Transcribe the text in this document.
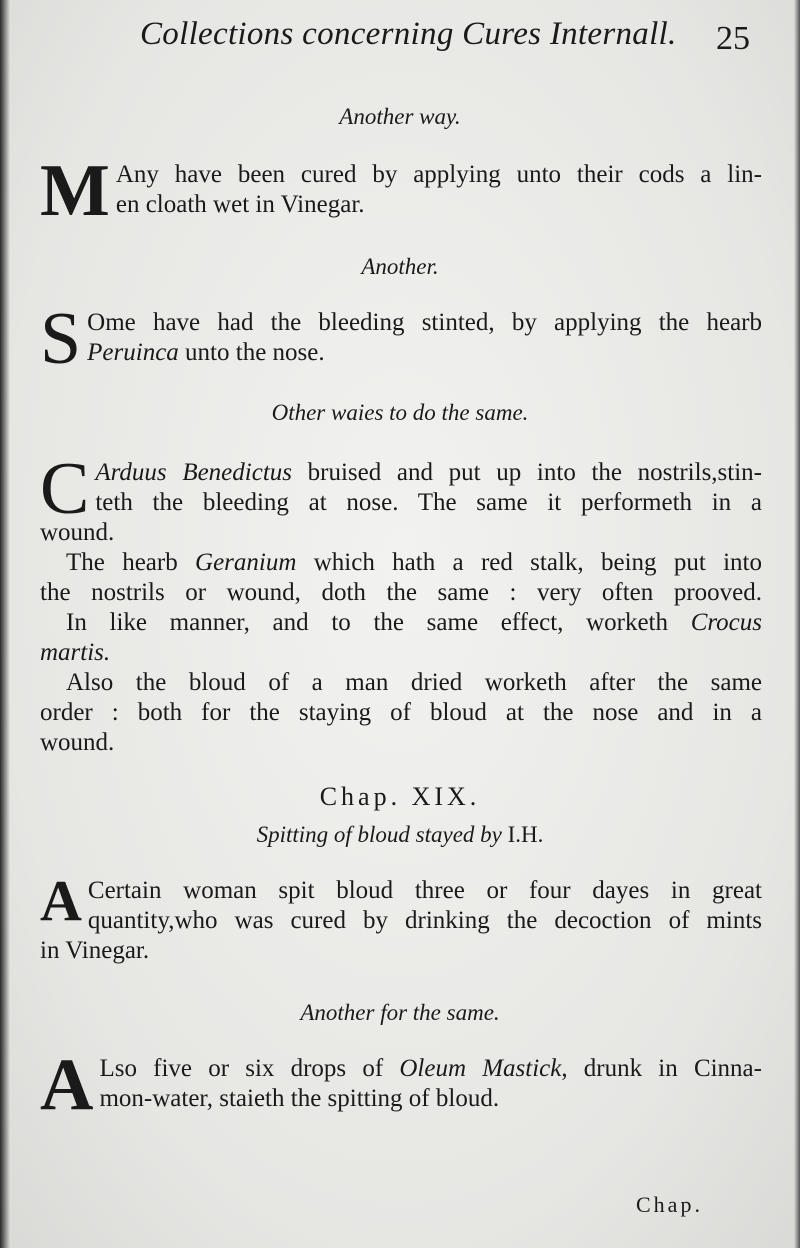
Collections concerning Cures Internall. 25
Another way.
M Any have been cured by applying unto their cods a lin-
en cloath wet in Vinegar.
Another.
S Ome have had the bleeding stinted, by applying the hearb
Peruinca unto the nose.
Other waies to do the same.
C Arduus Benedictus bruised and put up into the nostrils,stin-
teth the bleeding at nose. The same it performeth in a
wound.
The hearb Geranium which hath a red stalk, being put into
the nostrils or wound, doth the same : very often prooved.
In like manner, and to the same effect, worketh Crocus
martis.
Also the bloud of a man dried worketh after the same
order : both for the staying of bloud at the nose and in a
wound.
Chap. XIX.
Spitting of bloud stayed by I.H.
A Certain woman spit bloud three or four dayes in great
quantity,who was cured by drinking the decoction of mints
in Vinegar.
Another for the same.
A Lso five or six drops of Oleum Mastick, drunk in Cinna-
mon-water, staieth the spitting of bloud.
Chap.
